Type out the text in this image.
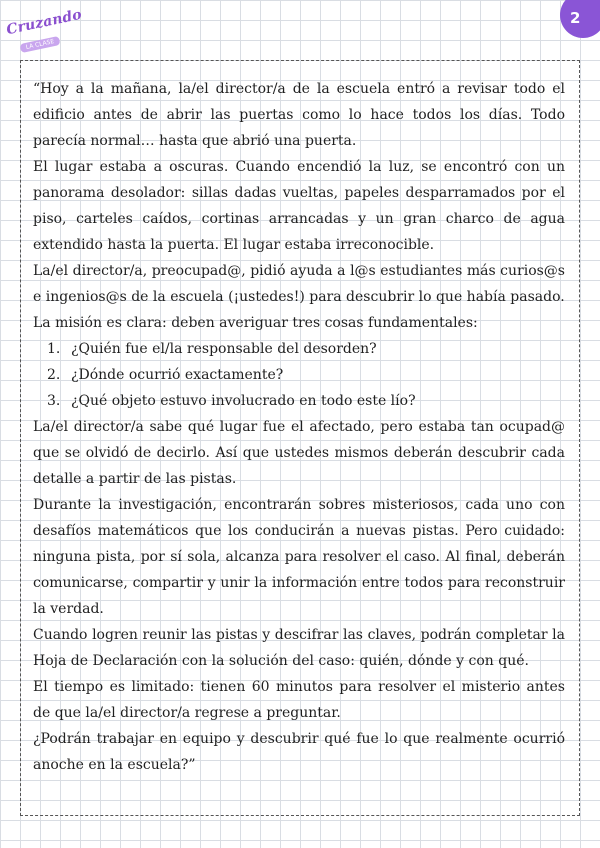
Cruzando
LA CLASE
2

“Hoy a la mañana, la/el director/a de la escuela entró a revisar todo el edificio antes de abrir las puertas como lo hace todos los días. Todo parecía normal… hasta que abrió una puerta.

El lugar estaba a oscuras. Cuando encendió la luz, se encontró con un panorama desolador: sillas dadas vueltas, papeles desparramados por el piso, carteles caídos, cortinas arrancadas y un gran charco de agua extendido hasta la puerta. El lugar estaba irreconocible.

La/el director/a, preocupad@, pidió ayuda a l@s estudiantes más curios@s e ingenios@s de la escuela (¡ustedes!) para descubrir lo que había pasado.

La misión es clara: deben averiguar tres cosas fundamentales:

1. ¿Quién fue el/la responsable del desorden?
2. ¿Dónde ocurrió exactamente?
3. ¿Qué objeto estuvo involucrado en todo este lío?

La/el director/a sabe qué lugar fue el afectado, pero estaba tan ocupad@ que se olvidó de decirlo. Así que ustedes mismos deberán descubrir cada detalle a partir de las pistas.

Durante la investigación, encontrarán sobres misteriosos, cada uno con desafíos matemáticos que los conducirán a nuevas pistas. Pero cuidado: ninguna pista, por sí sola, alcanza para resolver el caso. Al final, deberán comunicarse, compartir y unir la información entre todos para reconstruir la verdad.

Cuando logren reunir las pistas y descifrar las claves, podrán completar la Hoja de Declaración con la solución del caso: quién, dónde y con qué.

El tiempo es limitado: tienen 60 minutos para resolver el misterio antes de que la/el director/a regrese a preguntar.

¿Podrán trabajar en equipo y descubrir qué fue lo que realmente ocurrió anoche en la escuela?”
